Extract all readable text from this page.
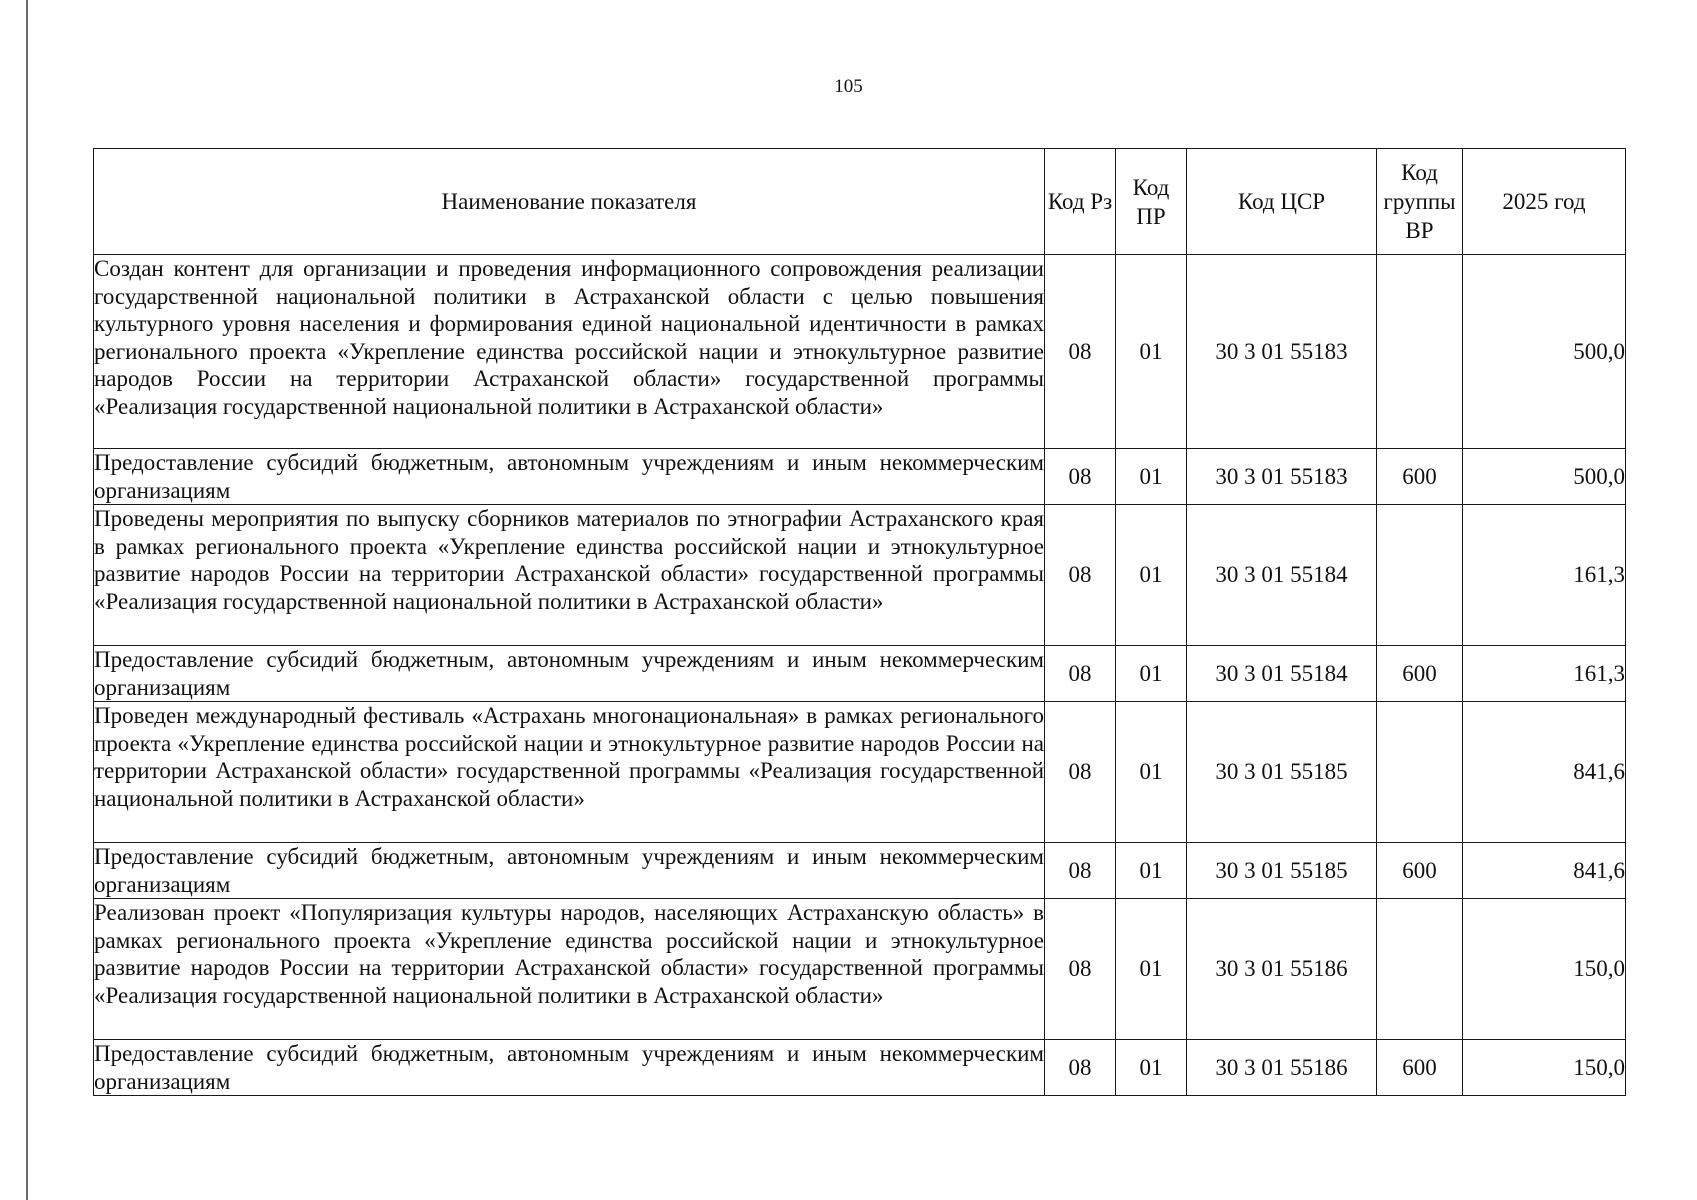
105
Наименование показателя	Код Рз	Код ПР	Код ЦСР	Код группы ВР	2025 год
Создан контент для организации и проведения информационного сопровождения реализации государственной национальной политики в Астраханской области с целью повышения культурного уровня населения и формирования единой национальной идентичности в рамках регионального проекта «Укрепление единства российской нации и этнокультурное развитие народов России на территории Астраханской области» государственной программы «Реализация государственной национальной политики в Астраханской области»	08	01	30 3 01 55183		500,0
Предоставление субсидий бюджетным, автономным учреждениям и иным некоммерческим организациям	08	01	30 3 01 55183	600	500,0
Проведены мероприятия по выпуску сборников материалов по этнографии Астраханского края в рамках регионального проекта «Укрепление единства российской нации и этнокультурное развитие народов России на территории Астраханской области» государственной программы «Реализация государственной национальной политики в Астраханской области»	08	01	30 3 01 55184		161,3
Предоставление субсидий бюджетным, автономным учреждениям и иным некоммерческим организациям	08	01	30 3 01 55184	600	161,3
Проведен международный фестиваль «Астрахань многонациональная» в рамках регионального проекта «Укрепление единства российской нации и этнокультурное развитие народов России на территории Астраханской области» государственной программы «Реализация государственной национальной политики в Астраханской области»	08	01	30 3 01 55185		841,6
Предоставление субсидий бюджетным, автономным учреждениям и иным некоммерческим организациям	08	01	30 3 01 55185	600	841,6
Реализован проект «Популяризация культуры народов, населяющих Астраханскую область» в рамках регионального проекта «Укрепление единства российской нации и этнокультурное развитие народов России на территории Астраханской области» государственной программы «Реализация государственной национальной политики в Астраханской области»	08	01	30 3 01 55186		150,0
Предоставление субсидий бюджетным, автономным учреждениям и иным некоммерческим организациям	08	01	30 3 01 55186	600	150,0
